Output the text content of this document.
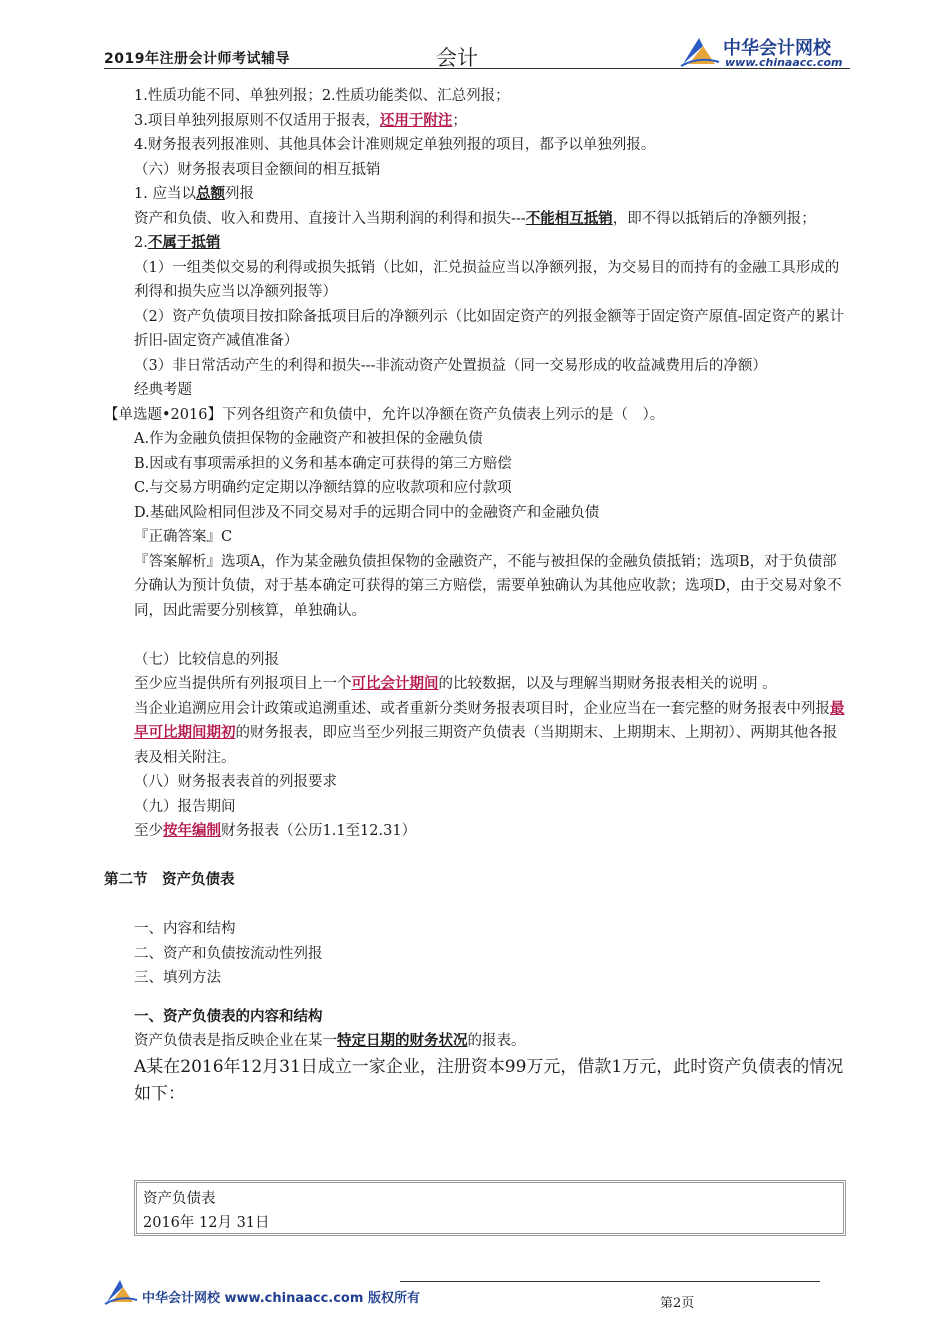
2019年注册会计师考试辅导	会计	中华会计网校
www.chinaacc.com

1.性质功能不同、单独列报；2.性质功能类似、汇总列报；

3.项目单独列报原则不仅适用于报表，还用于附注；

4.财务报表列报准则、其他具体会计准则规定单独列报的项目，都予以单独列报。

（六）财务报表项目金额间的相互抵销

1. 应当以总额列报

资产和负债、收入和费用、直接计入当期利润的利得和损失---不能相互抵销，即不得以抵销后的净额列报；

2.不属于抵销

（1）一组类似交易的利得或损失抵销（比如，汇兑损益应当以净额列报，为交易目的而持有的金融工具形成的利得和损失应当以净额列报等）

（2）资产负债项目按扣除备抵项目后的净额列示（比如固定资产的列报金额等于固定资产原值-固定资产的累计折旧-固定资产减值准备）

（3）非日常活动产生的利得和损失---非流动资产处置损益（同一交易形成的收益减费用后的净额）

经典考题

【单选题•2016】下列各组资产和负债中，允许以净额在资产负债表上列示的是（　）。

A.作为金融负债担保物的金融资产和被担保的金融负债

B.因或有事项需承担的义务和基本确定可获得的第三方赔偿

C.与交易方明确约定定期以净额结算的应收款项和应付款项

D.基础风险相同但涉及不同交易对手的远期合同中的金融资产和金融负债

『正确答案』C

『答案解析』选项A，作为某金融负债担保物的金融资产，不能与被担保的金融负债抵销；选项B，对于负债部分确认为预计负债，对于基本确定可获得的第三方赔偿，需要单独确认为其他应收款；选项D，由于交易对象不同，因此需要分别核算，单独确认。

（七）比较信息的列报

至少应当提供所有列报项目上一个可比会计期间的比较数据，以及与理解当期财务报表相关的说明 。

当企业追溯应用会计政策或追溯重述、或者重新分类财务报表项目时，企业应当在一套完整的财务报表中列报最早可比期间期初的财务报表，即应当至少列报三期资产负债表（当期期末、上期期末、上期初）、两期其他各报表及相关附注。

（八）财务报表表首的列报要求

（九）报告期间

至少按年编制财务报表（公历1.1至12.31）

第二节　资产负债表

一、内容和结构

二、资产和负债按流动性列报

三、填列方法

一、资产负债表的内容和结构

资产负债表是指反映企业在某一特定日期的财务状况的报表。

A某在2016年12月31日成立一家企业，注册资本99万元，借款1万元，此时资产负债表的情况如下：

资产负债表
2016年 12月 31日
中华会计网校 www.chinaacc.com 版权所有	第2页
